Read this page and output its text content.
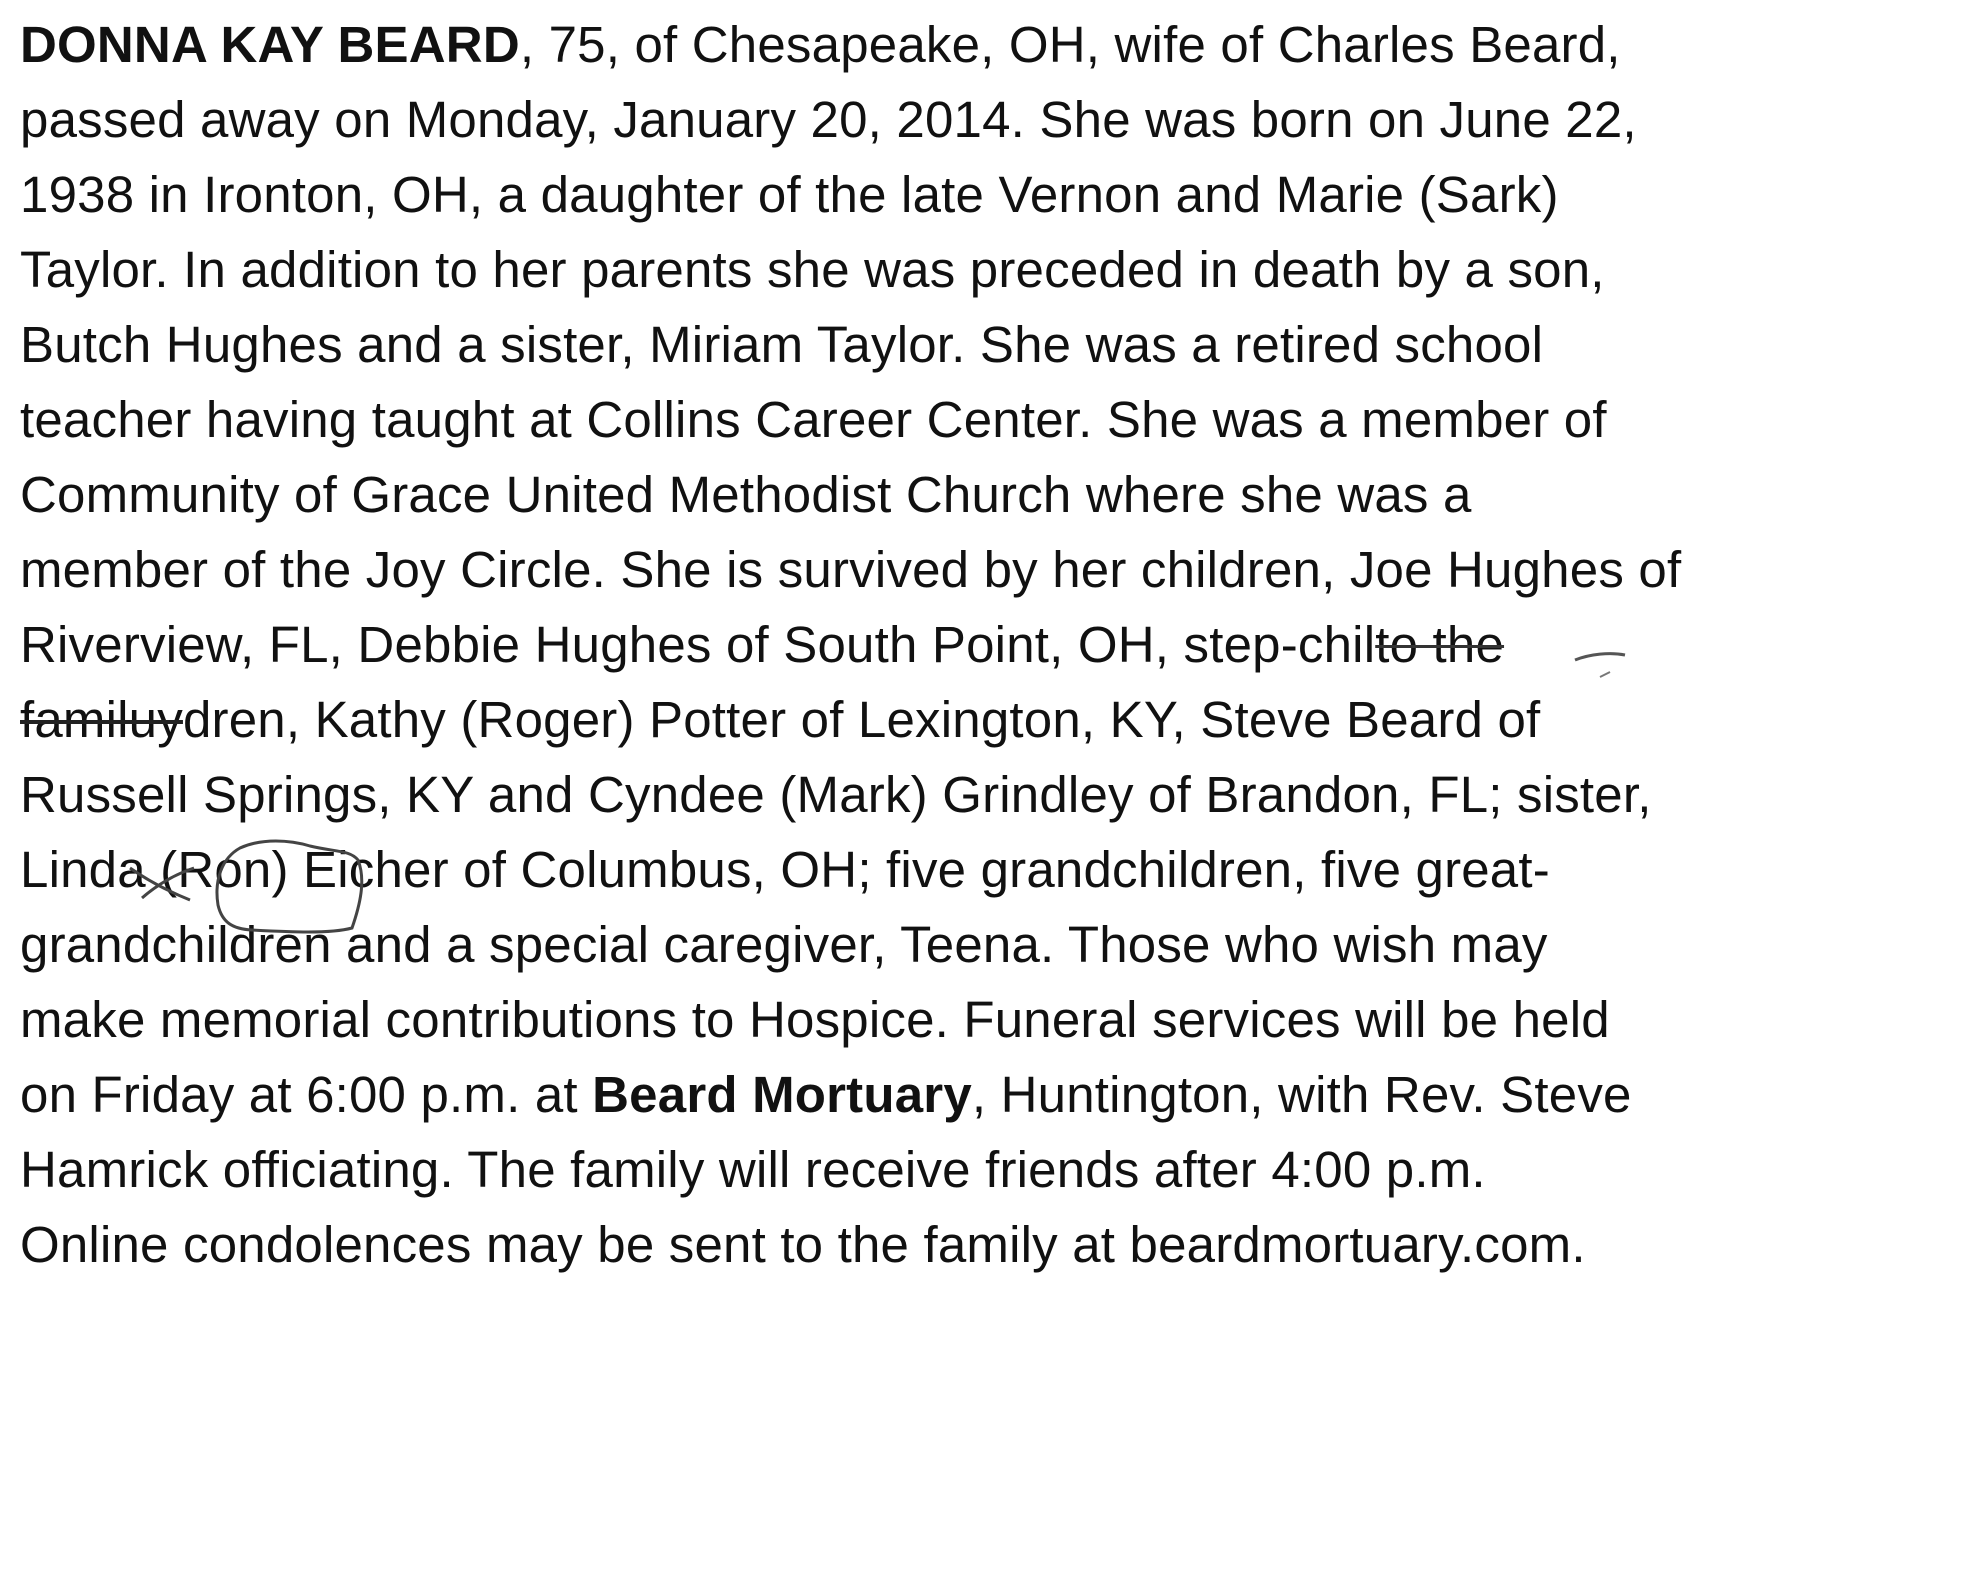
DONNA KAY BEARD, 75, of Chesapeake, OH, wife of Charles Beard,
passed away on Monday, January 20, 2014. She was born on June 22,
1938 in Ironton, OH, a daughter of the late Vernon and Marie (Sark)
Taylor. In addition to her parents she was preceded in death by a son,
Butch Hughes and a sister, Miriam Taylor. She was a retired school
teacher having taught at Collins Career Center. She was a member of
Community of Grace United Methodist Church where she was a
member of the Joy Circle. She is survived by her children, Joe Hughes of
Riverview, FL, Debbie Hughes of South Point, OH, step-chilto the
familuydren, Kathy (Roger) Potter of Lexington, KY, Steve Beard of
Russell Springs, KY and Cyndee (Mark) Grindley of Brandon, FL; sister,
Linda (Ron) Eicher of Columbus, OH; five grandchildren, five great-
grandchildren and a special caregiver, Teena. Those who wish may
make memorial contributions to Hospice. Funeral services will be held
on Friday at 6:00 p.m. at Beard Mortuary, Huntington, with Rev. Steve
Hamrick officiating. The family will receive friends after 4:00 p.m.
Online condolences may be sent to the family at beardmortuary.com.
